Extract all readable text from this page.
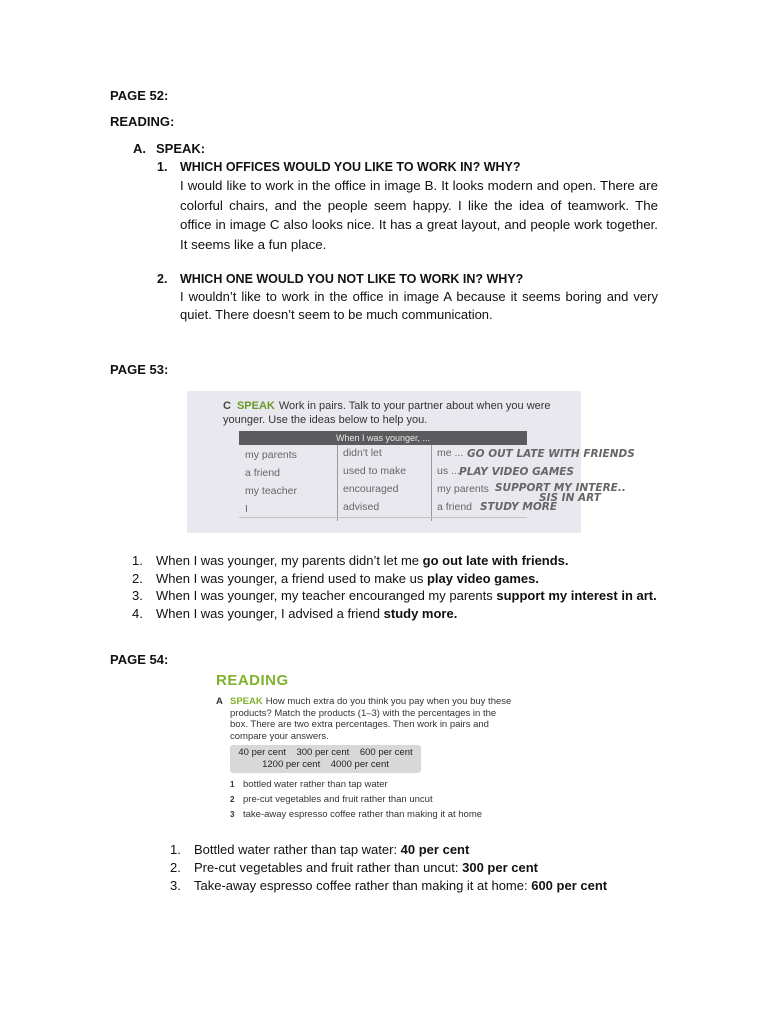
PAGE 52:
READING:
A. SPEAK:
1. WHICH OFFICES WOULD YOU LIKE TO WORK IN? WHY?
I would like to work in the office in image B. It looks modern and open. There are colorful chairs, and the people seem happy. I like the idea of teamwork. The office in image C also looks nice. It has a great layout, and people work together. It seems like a fun place.
2. WHICH ONE WOULD YOU NOT LIKE TO WORK IN? WHY?
I wouldn’t like to work in the office in image A because it seems boring and very quiet. There doesn’t seem to be much communication.
PAGE 53:
C SPEAK Work in pairs. Talk to your partner about when you were younger. Use the ideas below to help you.
When I was younger, ...
my parents
a friend
my teacher
I
didn't let
used to make
encouraged
advised
me ...
us ...
my parents
a friend
GO OUT LATE WITH FRIENDS
PLAY VIDEO GAMES
SUPPORT MY INTERE..
SIS IN ART
STUDY MORE
1. When I was younger, my parents didn’t let me go out late with friends.
2. When I was younger, a friend used to make us play video games.
3. When I was younger, my teacher encouranged my parents support my interest in art.
4. When I was younger, I advised a friend study more.
PAGE 54:
READING
A SPEAK How much extra do you think you pay when you buy these products? Match the products (1–3) with the percentages in the box. There are two extra percentages. Then work in pairs and compare your answers.
40 per cent    300 per cent    600 per cent
1200 per cent    4000 per cent
1 bottled water rather than tap water
2 pre-cut vegetables and fruit rather than uncut
3 take-away espresso coffee rather than making it at home
1. Bottled water rather than tap water: 40 per cent
2. Pre-cut vegetables and fruit rather than uncut: 300 per cent
3. Take-away espresso coffee rather than making it at home: 600 per cent
